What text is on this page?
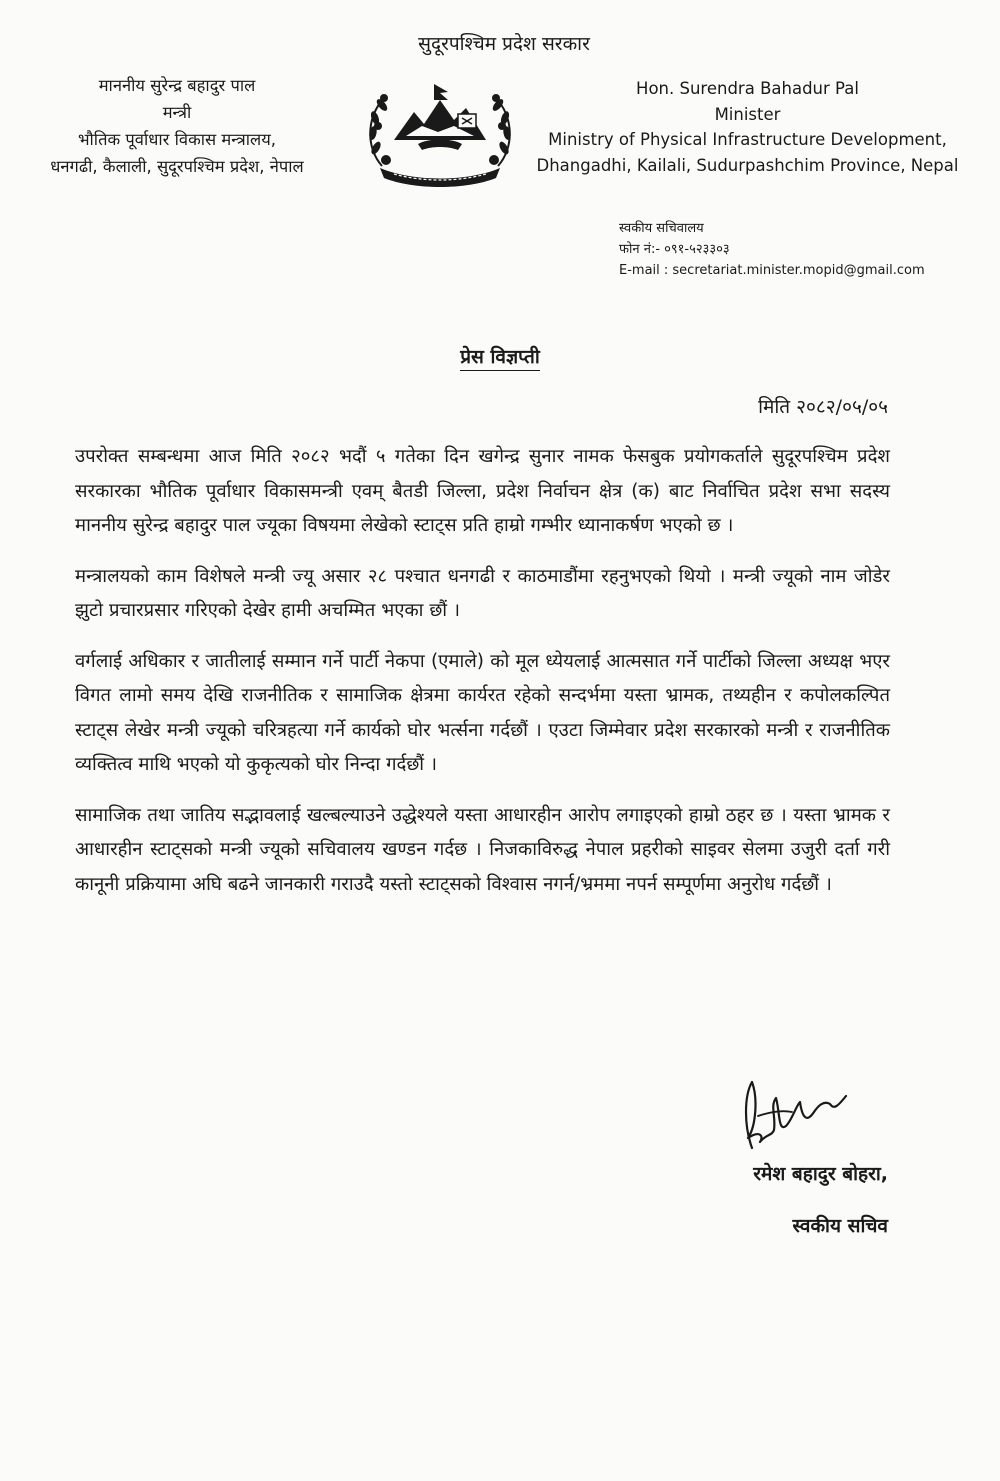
सुदूरपश्चिम प्रदेश सरकार
माननीय सुरेन्द्र बहादुर पाल
मन्त्री
भौतिक पूर्वाधार विकास मन्त्रालय,
धनगढी, कैलाली, सुदूरपश्चिम प्रदेश, नेपाल
Hon. Surendra Bahadur Pal
Minister
Ministry of Physical Infrastructure Development,
Dhangadhi, Kailali, Sudurpashchim Province, Nepal
स्वकीय सचिवालय
फोन नं:- ०९१-५२३३०३
E-mail : secretariat.minister.mopid@gmail.com
प्रेस विज्ञप्ती
मिति २०८२/०५/०५

उपरोक्त सम्बन्धमा आज मिति २०८२ भदौं ५ गतेका दिन खगेन्द्र सुनार नामक फेसबुक प्रयोगकर्ताले सुदूरपश्चिम प्रदेश सरकारका भौतिक पूर्वाधार विकासमन्त्री एवम् बैतडी जिल्ला, प्रदेश निर्वाचन क्षेत्र (क) बाट निर्वाचित प्रदेश सभा सदस्य माननीय सुरेन्द्र बहादुर पाल ज्यूका विषयमा लेखेको स्टाट्स प्रति हाम्रो गम्भीर ध्यानाकर्षण भएको छ ।

मन्त्रालयको काम विशेषले मन्त्री ज्यू असार २८ पश्चात धनगढी र काठमाडौंमा रहनुभएको थियो । मन्त्री ज्यूको नाम जोडेर झुटो प्रचारप्रसार गरिएको देखेर हामी अचम्मित भएका छौं ।

वर्गलाई अधिकार र जातीलाई सम्मान गर्ने पार्टी नेकपा (एमाले) को मूल ध्येयलाई आत्मसात गर्ने पार्टीको जिल्ला अध्यक्ष भएर विगत लामो समय देखि राजनीतिक र सामाजिक क्षेत्रमा कार्यरत रहेको सन्दर्भमा यस्ता भ्रामक, तथ्यहीन र कपोलकल्पित स्टाट्स लेखेर मन्त्री ज्यूको चरित्रहत्या गर्ने कार्यको घोर भर्त्सना गर्दछौं । एउटा जिम्मेवार प्रदेश सरकारको मन्त्री र राजनीतिक व्यक्तित्व माथि भएको यो कुकृत्यको घोर निन्दा गर्दछौं ।

सामाजिक तथा जातिय सद्भावलाई खल्बल्याउने उद्धेश्यले यस्ता आधारहीन आरोप लगाइएको हाम्रो ठहर छ । यस्ता भ्रामक र आधारहीन स्टाट्सको मन्त्री ज्यूको सचिवालय खण्डन गर्दछ । निजकाविरुद्ध नेपाल प्रहरीको साइवर सेलमा उजुरी दर्ता गरी कानूनी प्रक्रियामा अघि बढने जानकारी गराउदै यस्तो स्टाट्सको विश्वास नगर्न/भ्रममा नपर्न सम्पूर्णमा अनुरोध गर्दछौं ।

रमेश बहादुर बोहरा,
स्वकीय सचिव
